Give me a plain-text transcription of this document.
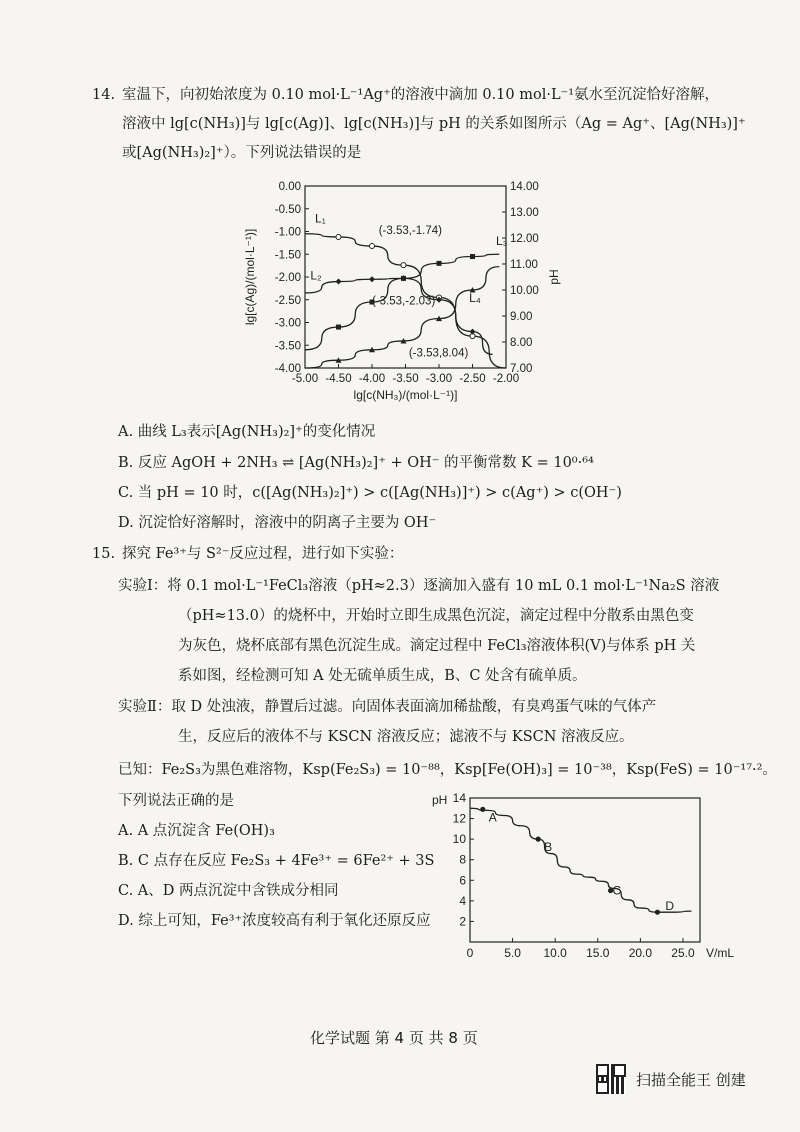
14. 室温下，向初始浓度为 0.10 mol·L⁻¹Ag⁺的溶液中滴加 0.10 mol·L⁻¹氨水至沉淀恰好溶解，
溶液中 lg[c(NH₃)]与 lg[c(Ag)]、lg[c(NH₃)]与 pH 的关系如图所示（Ag = Ag⁺、[Ag(NH₃)]⁺
或[Ag(NH₃)₂]⁺）。下列说法错误的是
0.00
-0.50
-1.00
-1.50
-2.00
-2.50
-3.00
-3.50
-4.00
14.00
13.00
12.00
11.00
10.00
9.00
8.00
7.00
-5.00 -4.50 -4.00 -3.50 -3.00 -2.50 -2.00
lg[c(NH₃)/(mol·L⁻¹)]
lg[c(Ag)/(mol·L⁻¹)]	pH
L₁
L₂
L₃
L₄
(-3.53,-1.74)
(-3.53,-2.03)
(-3.53,8.04)
A. 曲线 L₃表示[Ag(NH₃)₂]⁺的变化情况
B. 反应 AgOH + 2NH₃ ⇌ [Ag(NH₃)₂]⁺ + OH⁻ 的平衡常数 K = 10⁰·⁶⁴
C. 当 pH = 10 时，c([Ag(NH₃)₂]⁺) > c([Ag(NH₃)]⁺) > c(Ag⁺) > c(OH⁻)
D. 沉淀恰好溶解时，溶液中的阴离子主要为 OH⁻
15. 探究 Fe³⁺与 S²⁻反应过程，进行如下实验：
实验Ⅰ：将 0.1 mol·L⁻¹FeCl₃溶液（pH≈2.3）逐滴加入盛有 10 mL 0.1 mol·L⁻¹Na₂S 溶液
（pH≈13.0）的烧杯中，开始时立即生成黑色沉淀，滴定过程中分散系由黑色变
为灰色，烧杯底部有黑色沉淀生成。滴定过程中 FeCl₃溶液体积(V)与体系 pH 关
系如图，经检测可知 A 处无硫单质生成，B、C 处含有硫单质。
实验Ⅱ：取 D 处浊液，静置后过滤。向固体表面滴加稀盐酸，有臭鸡蛋气味的气体产
生，反应后的液体不与 KSCN 溶液反应；滤液不与 KSCN 溶液反应。
已知：Fe₂S₃为黑色难溶物，Ksp(Fe₂S₃) = 10⁻⁸⁸，Ksp[Fe(OH)₃] = 10⁻³⁸，Ksp(FeS) = 10⁻¹⁷·²。
下列说法正确的是
A. A 点沉淀含 Fe(OH)₃
B. C 点存在反应 Fe₂S₃ + 4Fe³⁺ = 6Fe²⁺ + 3S
C. A、D 两点沉淀中含铁成分相同
D. 综上可知，Fe³⁺浓度较高有利于氧化还原反应
pH 14
12
10
8
6
4
2
0	5.0 10.0 15.0 20.0 25.0 V/mL
A
B
C
D
化学试题 第 4 页 共 8 页
扫描全能王 创建
